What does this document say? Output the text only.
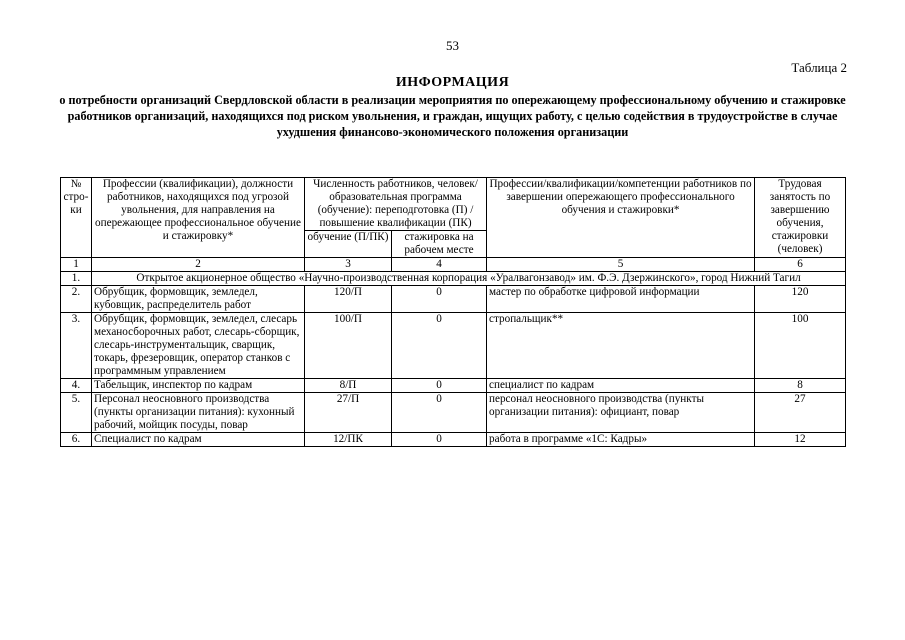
53
Таблица 2
ИНФОРМАЦИЯ
о потребности организаций Свердловской области в реализации мероприятия по опережающему профессиональному обучению и стажировке работников организаций, находящихся под риском увольнения, и граждан, ищущих работу, с целью содействия в трудоустройстве в случае ухудшения финансово-экономического положения организации
№ стро-ки	Профессии (квалификации), должности работников, находящихся под угрозой увольнения, для направления на опережающее профессиональное обучение и стажировку*	Численность работников, человек/образовательная программа (обучение): переподготовка (П) /повышение квалификации (ПК)		Профессии/квалификации/компетенции работников по завершении опережающего профессионального обучения и стажировки*	Трудовая занятость по завершению обучения, стажировки (человек)
		обучение (П/ПК)	стажировка на рабочем месте		
1	2	3	4	5	6
1.	Открытое акционерное общество «Научно-производственная корпорация «Уралвагонзавод» им. Ф.Э. Дзержинского», город Нижний Тагил				
2.	Обрубщик, формовщик, земледел, кубовщик, распределитель работ	120/П	0	мастер по обработке цифровой информации	120
3.	Обрубщик, формовщик, земледел, слесарь механосборочных работ, слесарь-сборщик, слесарь-инструментальщик, сварщик, токарь, фрезеровщик, оператор станков с программным управлением	100/П	0	стропальщик**	100
4.	Табельщик, инспектор по кадрам	8/П	0	специалист по кадрам	8
5.	Персонал неосновного производства (пункты организации питания): кухонный рабочий, мойщик посуды, повар	27/П	0	персонал неосновного производства (пункты организации питания): официант, повар	27
6.	Специалист по кадрам	12/ПК	0	работа в программе «1С: Кадры»	12
